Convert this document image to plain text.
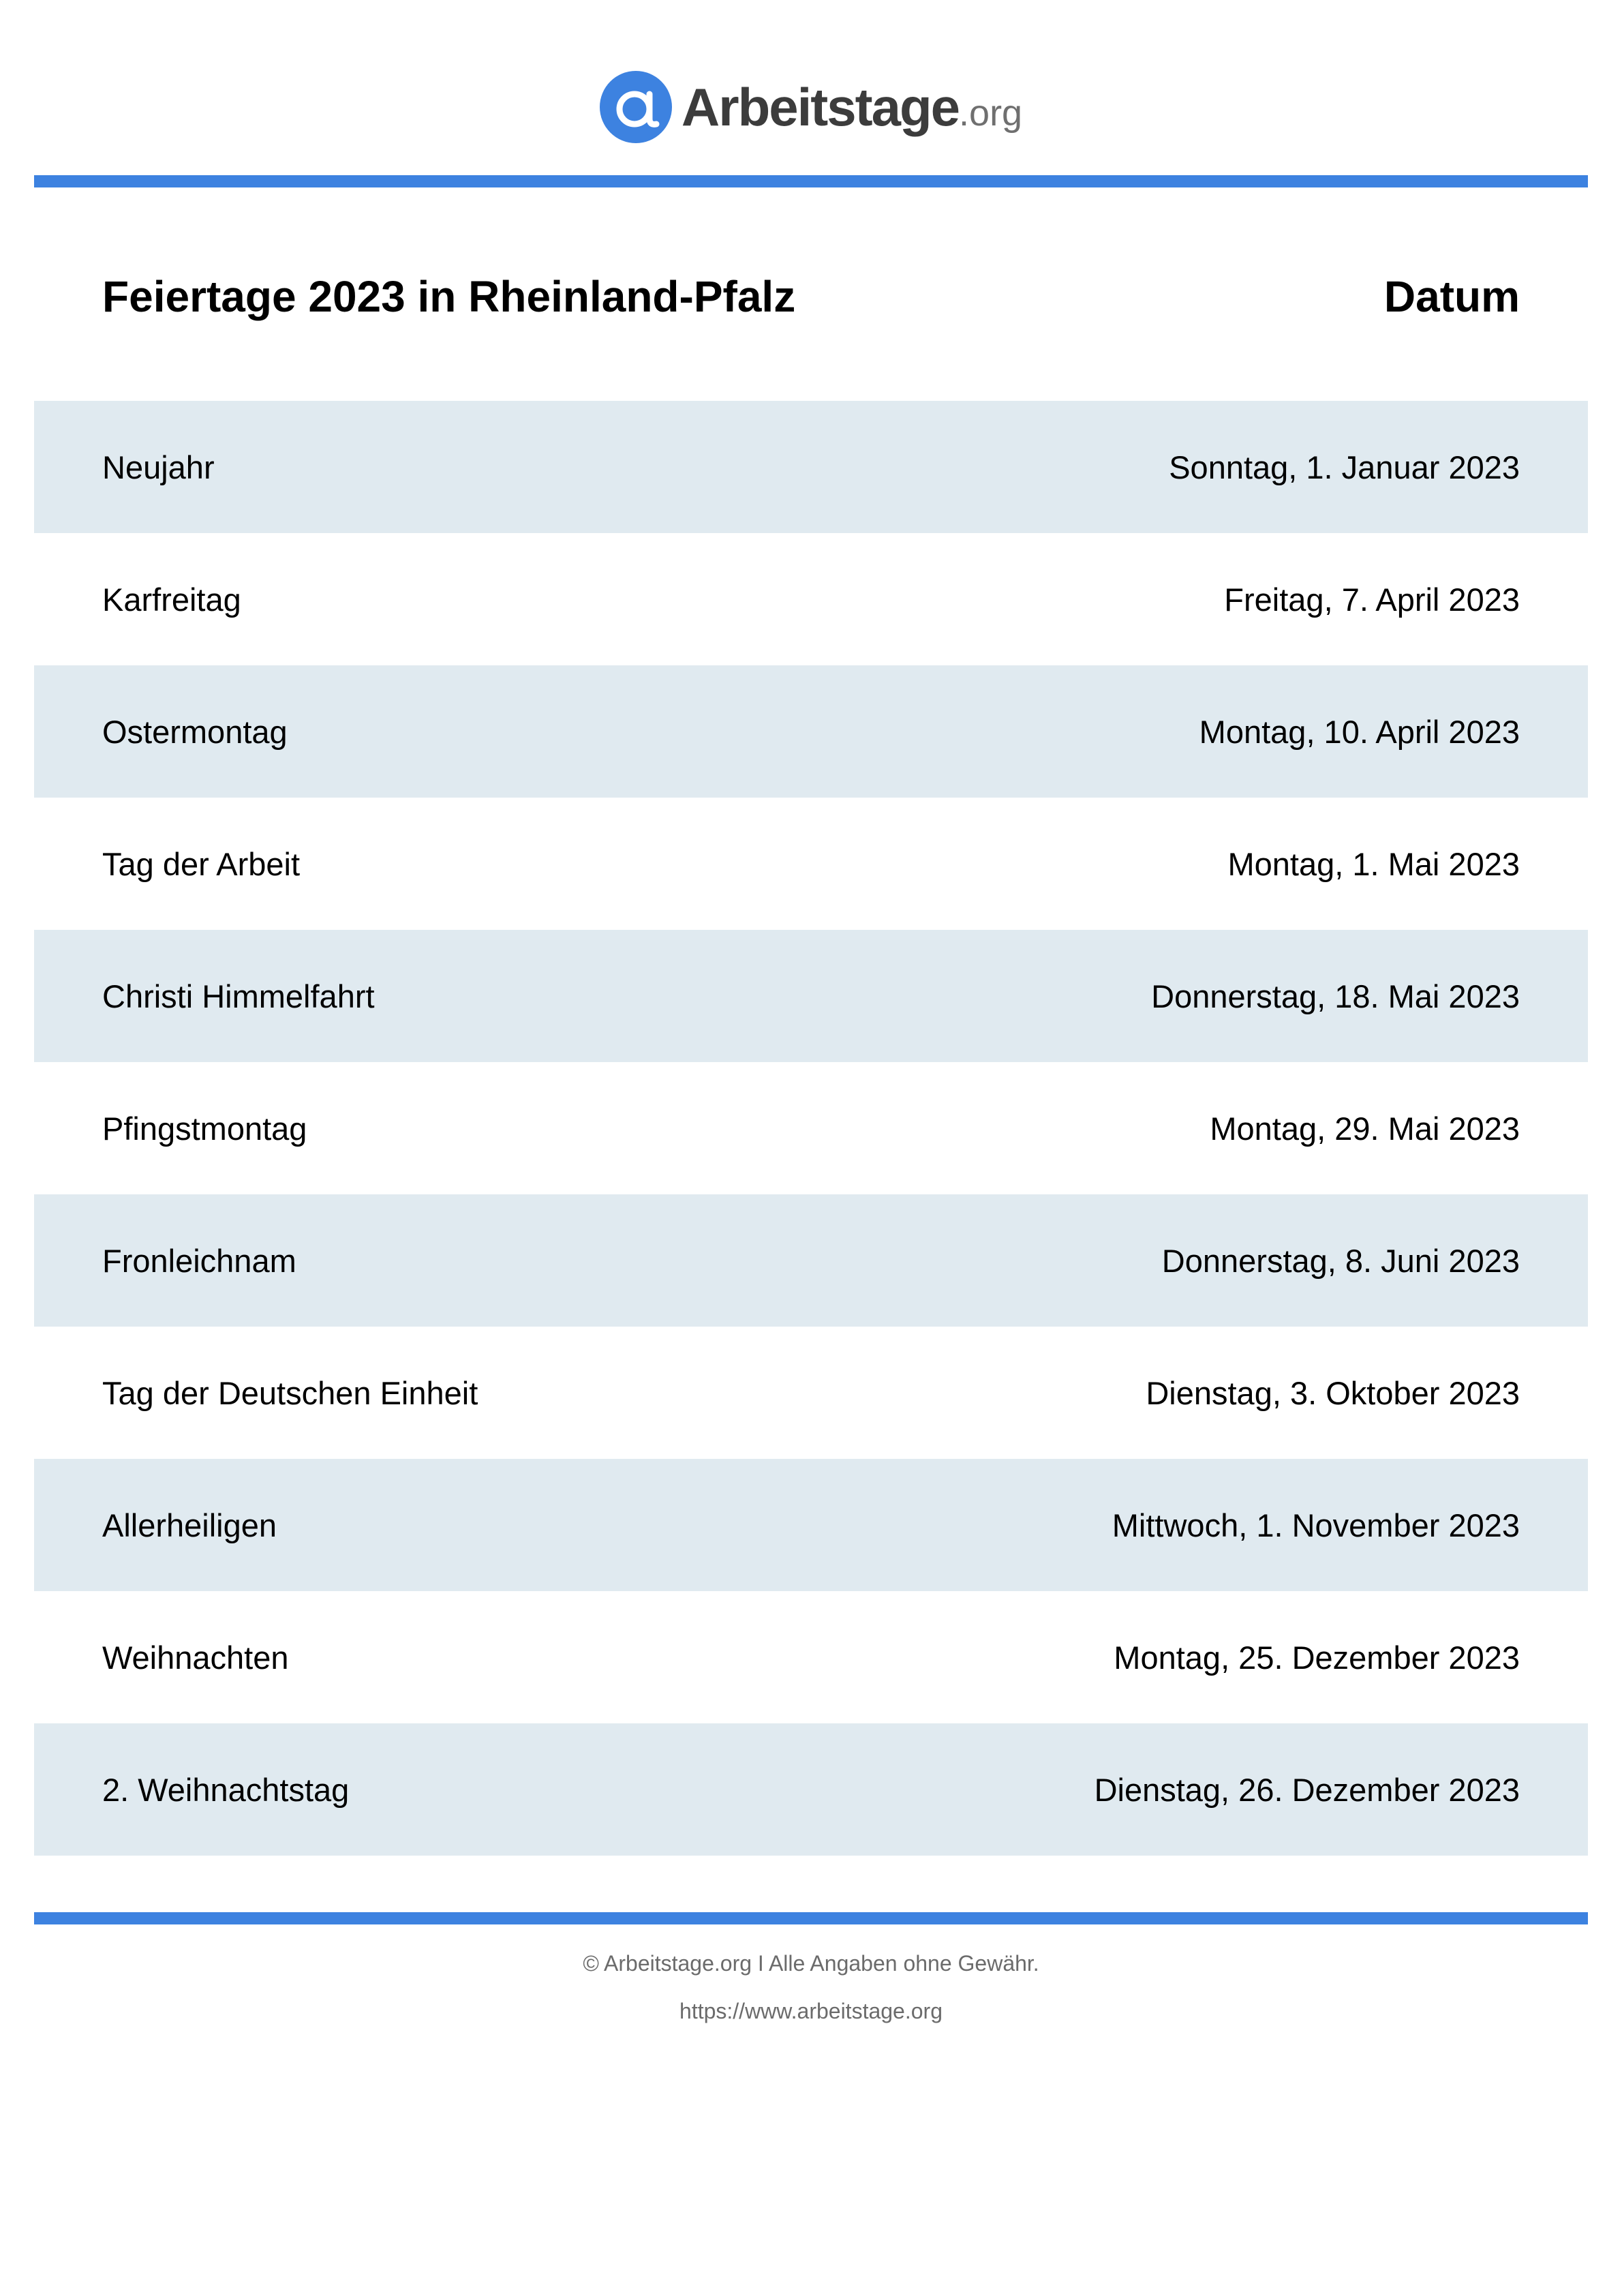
Arbeitstage .org
Feiertage 2023 in Rheinland-Pfalz	Datum
Neujahr	Sonntag, 1. Januar 2023
Karfreitag	Freitag, 7. April 2023
Ostermontag	Montag, 10. April 2023
Tag der Arbeit	Montag, 1. Mai 2023
Christi Himmelfahrt	Donnerstag, 18. Mai 2023
Pfingstmontag	Montag, 29. Mai 2023
Fronleichnam	Donnerstag, 8. Juni 2023
Tag der Deutschen Einheit	Dienstag, 3. Oktober 2023
Allerheiligen	Mittwoch, 1. November 2023
Weihnachten	Montag, 25. Dezember 2023
2. Weihnachtstag	Dienstag, 26. Dezember 2023
© Arbeitstage.org I Alle Angaben ohne Gewähr.
https://www.arbeitstage.org
